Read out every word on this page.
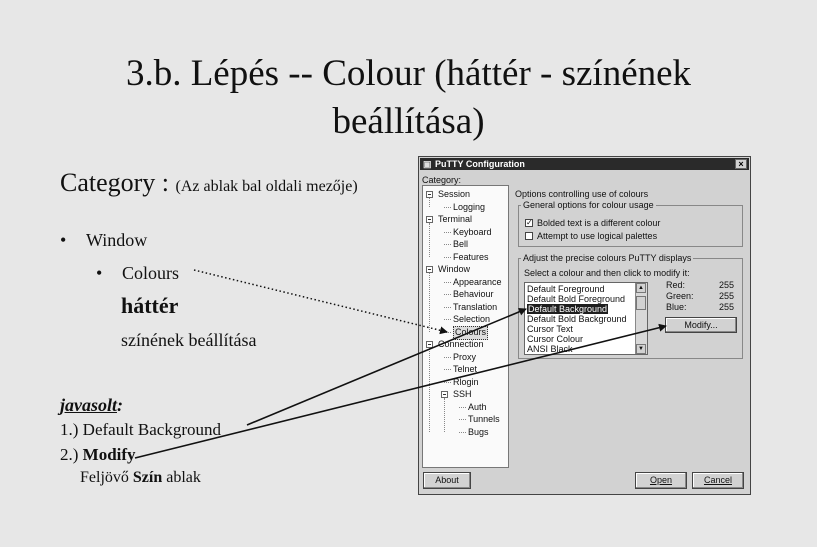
3.b. Lépés -- Colour (háttér - színének
beállítása)
Category : (Az ablak bal oldali mezője)
• Window
• Colours
háttér
színének beállítása
javasolt:
1.) Default Background
2.) Modify
Feljövő Szín ablak
▣ PuTTY Configuration	×
Category:
Session
Logging
Terminal
Keyboard
Bell
Features
Window
Appearance
Behaviour
Translation
Selection
Colours
Connection
Proxy
Telnet
Rlogin
SSH
Auth
Tunnels
Bugs
Options controlling use of colours
General options for colour usage
✓ Bolded text is a different colour
Attempt to use logical palettes
Adjust the precise colours PuTTY displays
Select a colour and then click to modify it:
ANSI Black
Cursor Colour
Cursor Text
Default Bold Background
Default Background
Default Bold Foreground
Default Foreground	▲
▼
Red:	255
Green:	255
Blue:	255
Modify...
About	Open	Cancel
